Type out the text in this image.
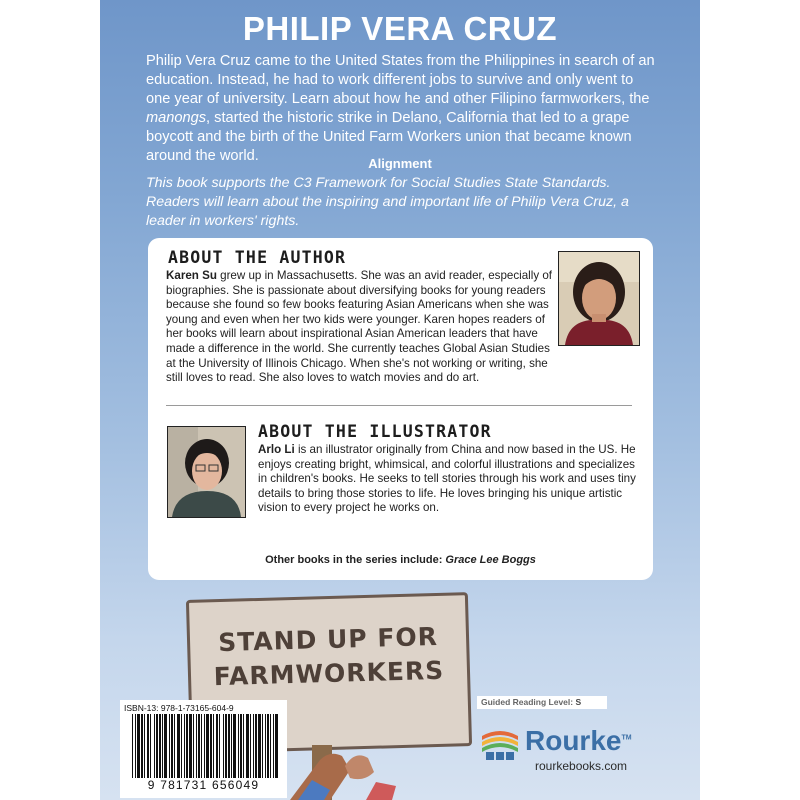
PHILIP VERA CRUZ
Philip Vera Cruz came to the United States from the Philippines in search of an education. Instead, he had to work different jobs to survive and only went to one year of university. Learn about how he and other Filipino farmworkers, the manongs, started the historic strike in Delano, California that led to a grape boycott and the birth of the United Farm Workers union that became known around the world.	Alignment
This book supports the C3 Framework for Social Studies State Standards. Readers will learn about the inspiring and important life of Philip Vera Cruz, a leader in workers' rights.
ABOUT THE AUTHOR
Karen Su grew up in Massachusetts. She was an avid reader, especially of biographies. She is passionate about diversifying books for young readers because she found so few books featuring Asian Americans when she was young and even when her two kids were younger. Karen hopes readers of her books will learn about inspirational Asian American leaders that have made a difference in the world. She currently teaches Global Asian Studies at the University of Illinois Chicago. When she's not working or writing, she still loves to read. She also loves to watch movies and do art.
ABOUT THE ILLUSTRATOR
Arlo Li is an illustrator originally from China and now based in the US. He enjoys creating bright, whimsical, and colorful illustrations and specializes in children's books. He seeks to tell stories through his work and uses tiny details to bring those stories to life. He loves bringing his unique artistic vision to every project he works on.
Other books in the series include: Grace Lee Boggs
STAND UP FOR
FARMWORKERS
ISBN-13: 978-1-73165-604-9
9 781731 656049
Guided Reading Level: S
Rourke™
rourkebooks.com
